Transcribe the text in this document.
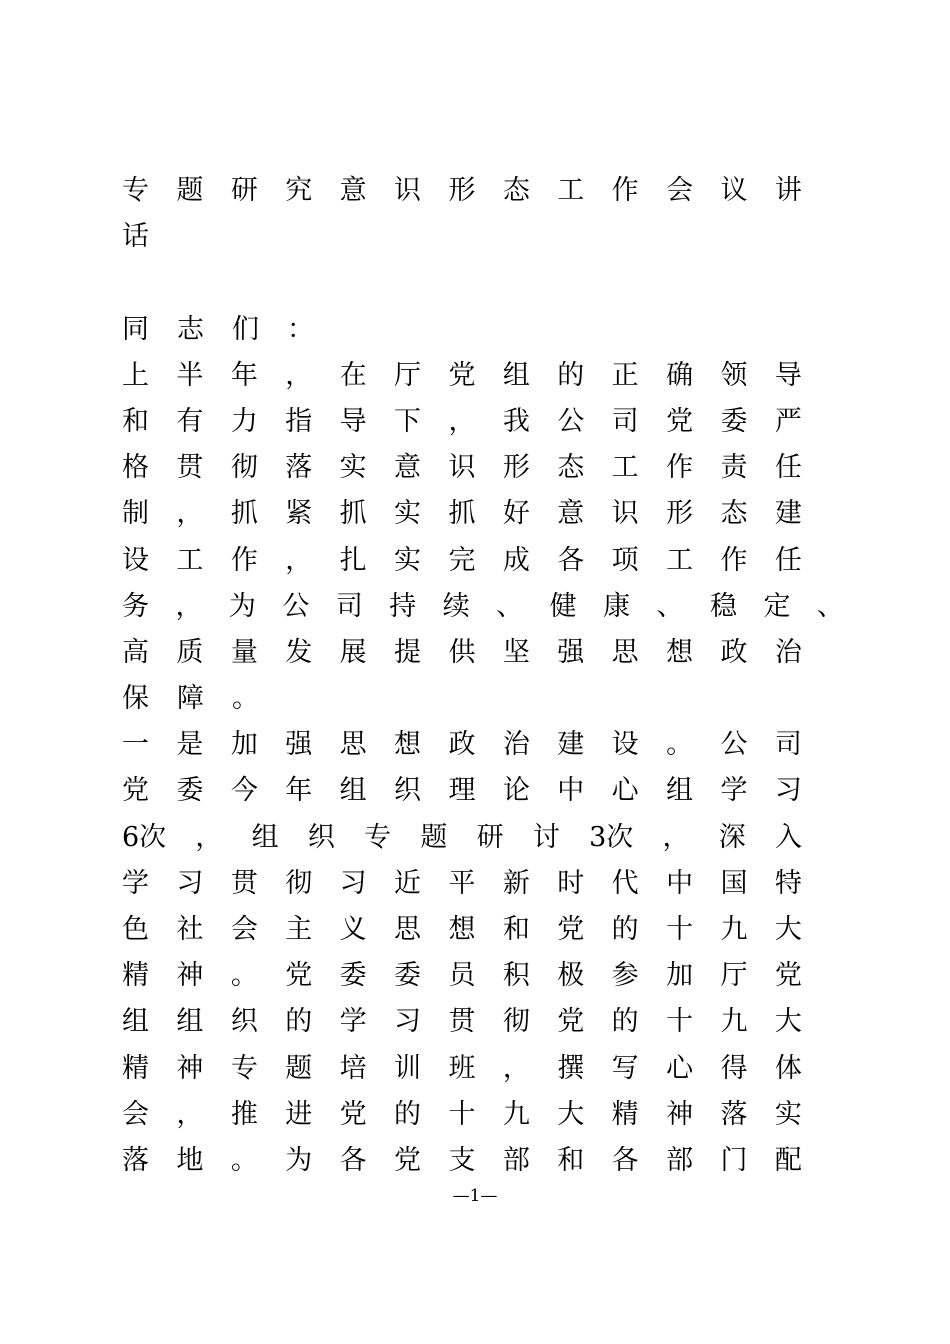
专 题 研 究 意 识 形 态 工 作 会 议 讲
话
同 志 们 ：
上 半 年 ， 在 厅 党 组 的 正 确 领 导
和 有 力 指 导 下 ， 我 公 司 党 委 严
格 贯 彻 落 实 意 识 形 态 工 作 责 任
制 ， 抓 紧 抓 实 抓 好 意 识 形 态 建
设 工 作 ， 扎 实 完 成 各 项 工 作 任
务 ， 为 公 司 持 续 、 健 康 、 稳 定 、
高 质 量 发 展 提 供 坚 强 思 想 政 治
保 障 。
一 是 加 强 思 想 政 治 建 设 。 公 司
党 委 今 年 组 织 理 论 中 心 组 学 习
6次 ， 组 织 专 题 研 讨 3次 ， 深 入
学 习 贯 彻 习 近 平 新 时 代 中 国 特
色 社 会 主 义 思 想 和 党 的 十 九 大
精 神 。 党 委 委 员 积 极 参 加 厅 党
组 组 织 的 学 习 贯 彻 党 的 十 九 大
精 神 专 题 培 训 班 ， 撰 写 心 得 体
会 ， 推 进 党 的 十 九 大 精 神 落 实
落 地 。 为 各 党 支 部 和 各 部 门 配
—1—
